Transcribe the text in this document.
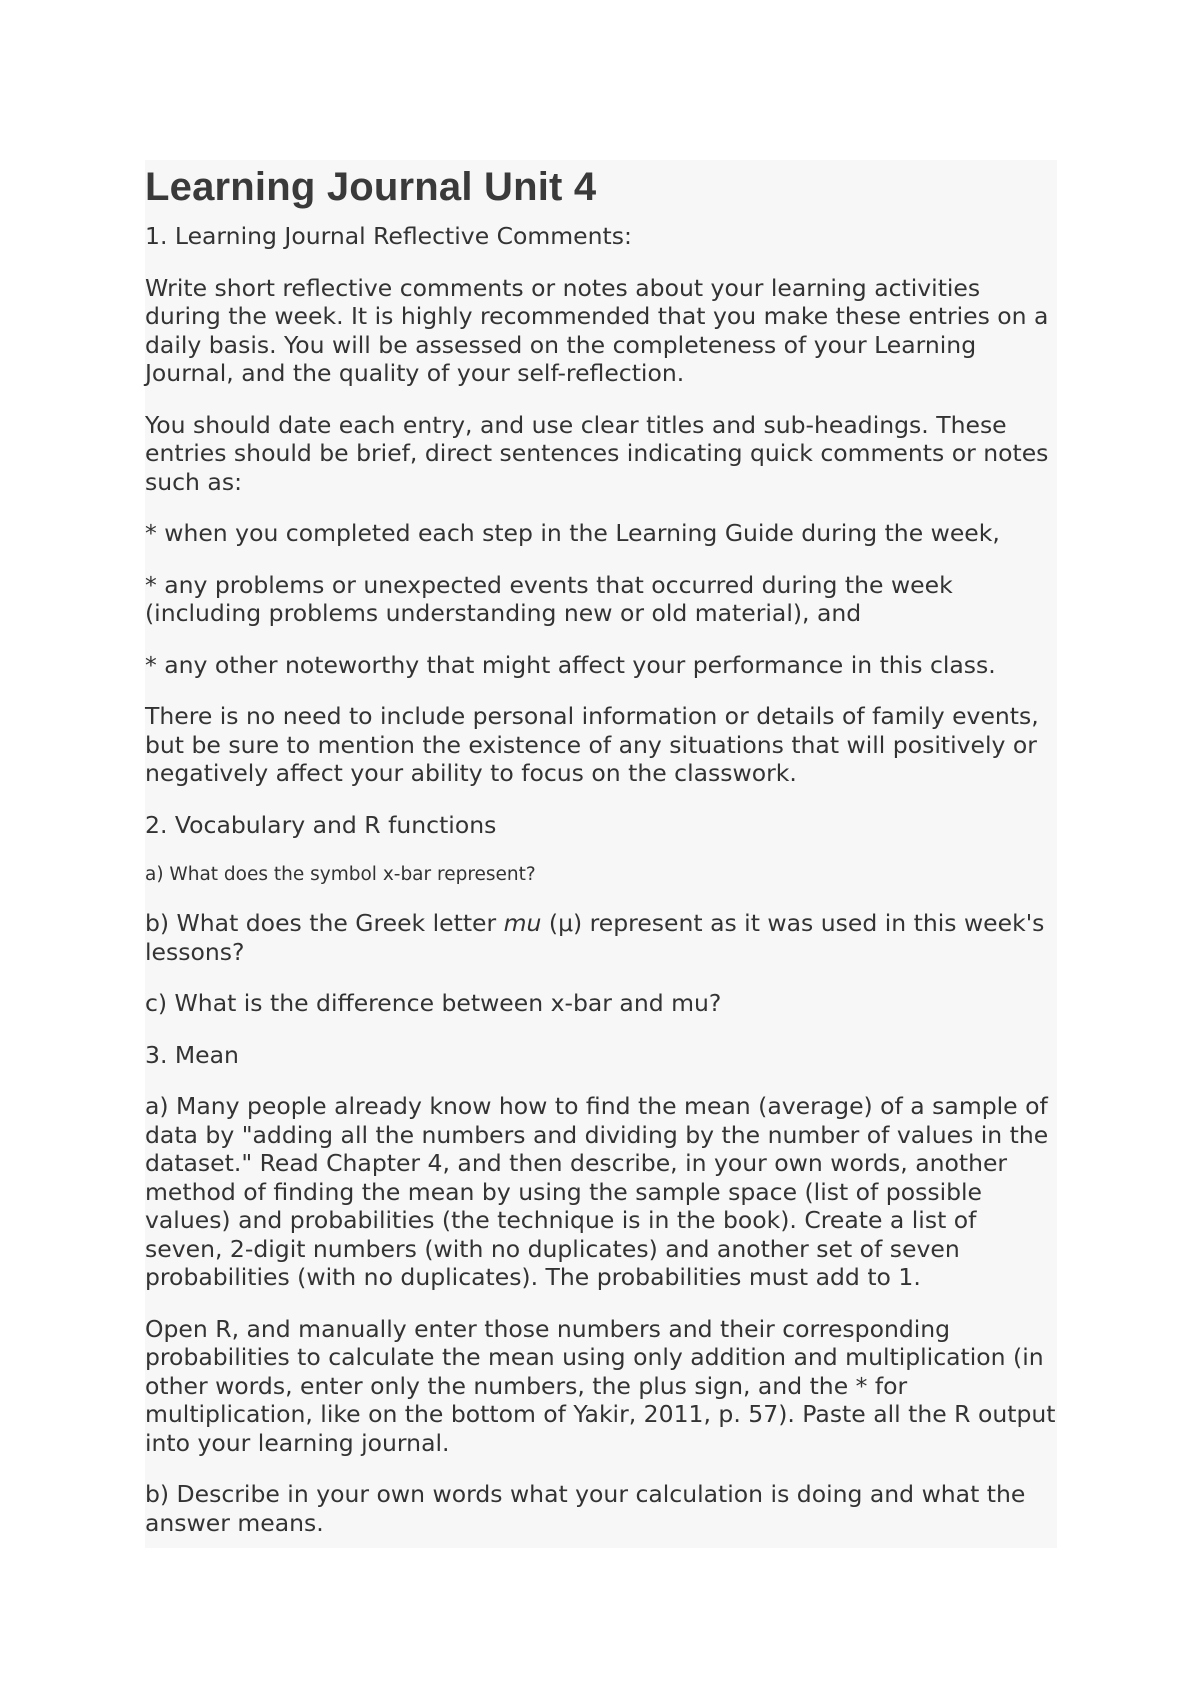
Learning Journal Unit 4

1. Learning Journal Reflective Comments:

Write short reflective comments or notes about your learning activities during the week. It is highly recommended that you make these entries on a daily basis. You will be assessed on the completeness of your Learning Journal, and the quality of your self-reflection.

You should date each entry, and use clear titles and sub-headings. These entries should be brief, direct sentences indicating quick comments or notes such as:

* when you completed each step in the Learning Guide during the week,

* any problems or unexpected events that occurred during the week (including problems understanding new or old material), and

* any other noteworthy that might affect your performance in this class.

There is no need to include personal information or details of family events, but be sure to mention the existence of any situations that will positively or negatively affect your ability to focus on the classwork.

2. Vocabulary and R functions

a) What does the symbol x-bar represent?

b) What does the Greek letter mu (μ) represent as it was used in this week's lessons?

c) What is the difference between x-bar and mu?

3. Mean

a) Many people already know how to find the mean (average) of a sample of data by "adding all the numbers and dividing by the number of values in the dataset." Read Chapter 4, and then describe, in your own words, another method of finding the mean by using the sample space (list of possible values) and probabilities (the technique is in the book). Create a list of seven, 2-digit numbers (with no duplicates) and another set of seven probabilities (with no duplicates). The probabilities must add to 1.

Open R, and manually enter those numbers and their corresponding probabilities to calculate the mean using only addition and multiplication (in other words, enter only the numbers, the plus sign, and the * for multiplication, like on the bottom of Yakir, 2011, p. 57). Paste all the R output into your learning journal.

b) Describe in your own words what your calculation is doing and what the answer means.
